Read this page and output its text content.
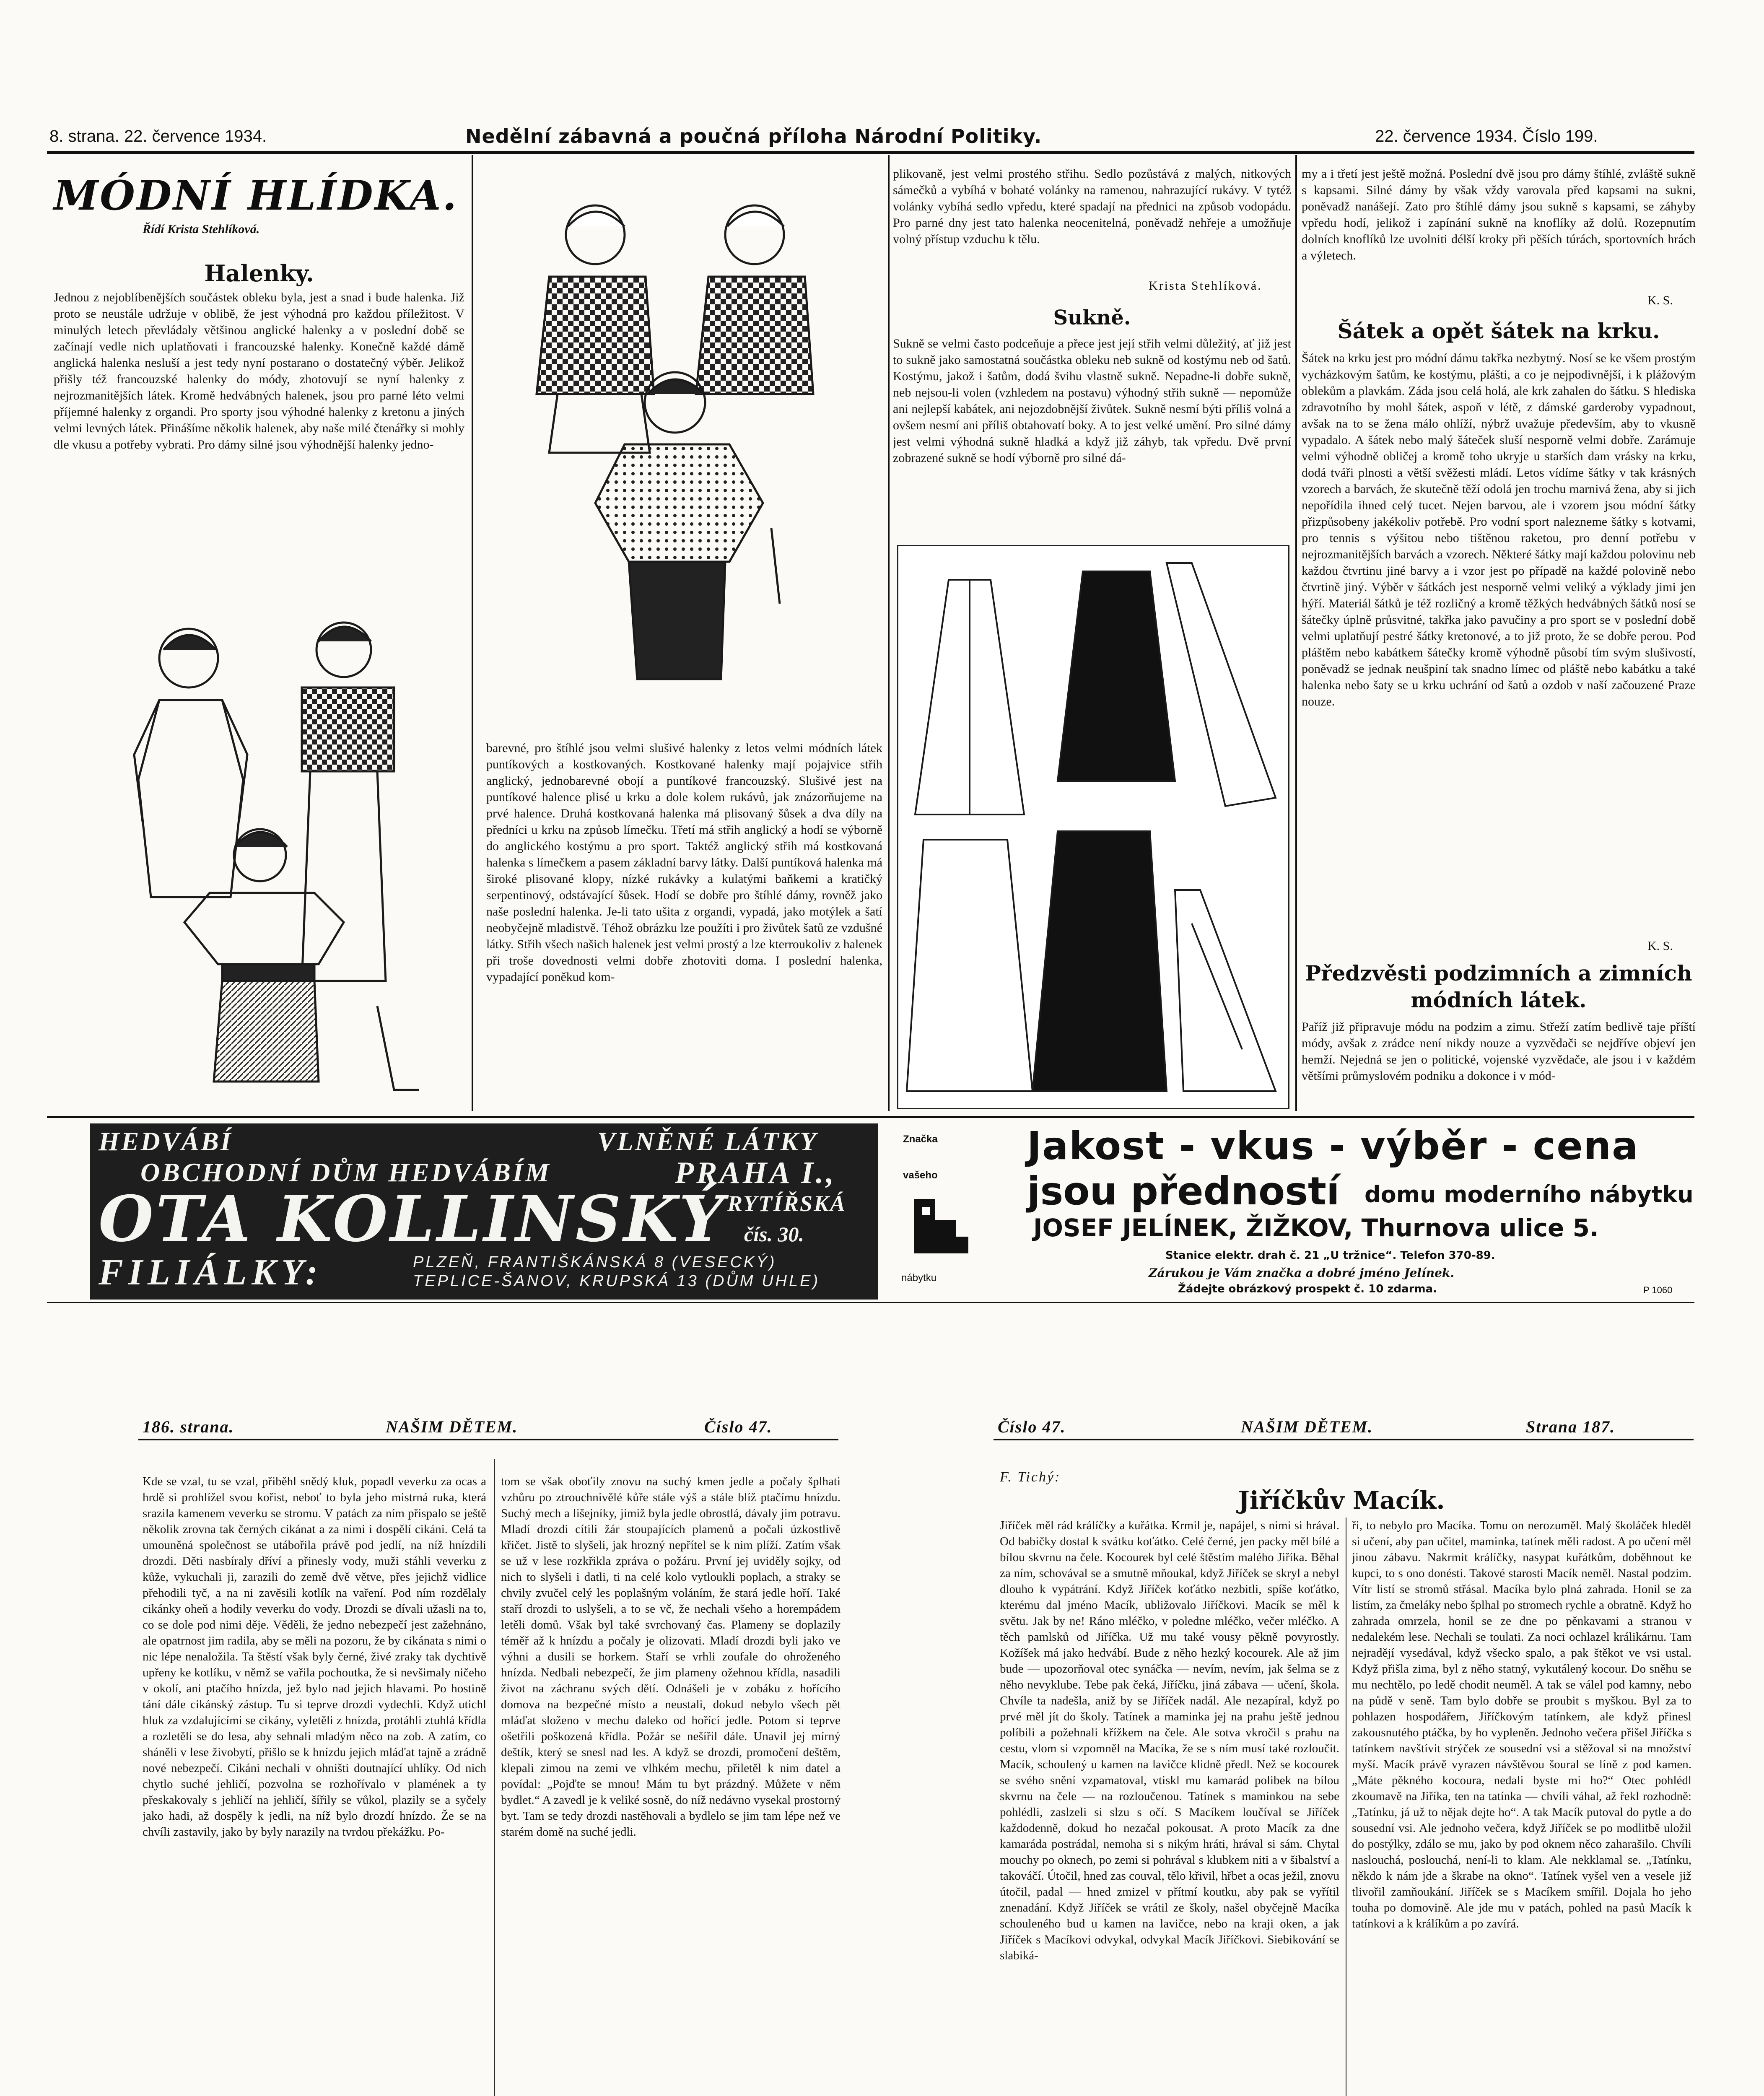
8. strana. 22. července 1934.	Nedělní zábavná a poučná příloha Národní Politiky.	22. července 1934. Číslo 199.
MÓDNÍ HLÍDKA.
Řídí Krista Stehlíková.
Halenky.
Jednou z nejoblíbenějších součástek obleku byla, jest a snad i bude halenka. Již proto se neustále udržuje v oblibě, že jest výhodná pro každou příležitost. V minulých letech převládaly většinou anglické halenky a v poslední době se začínají vedle nich uplatňovati i francouzské halenky. Konečně každé dámě anglická halenka nesluší a jest tedy nyní postarano o dostatečný výběr. Jelikož přišly též francouzské halenky do módy, zhotovují se nyní halenky z nejrozmanitějších látek. Kromě hedvábných halenek, jsou pro parné léto velmi příjemné halenky z organdi. Pro sporty jsou výhodné halenky z kretonu a jiných velmi levných látek. Přinášíme několik halenek, aby naše milé čtenářky si mohly dle vkusu a potřeby vybrati. Pro dámy silné jsou výhodnější halenky jedno-
barevné, pro štíhlé jsou velmi slušivé halenky z letos velmi módních látek puntíkových a kostkovaných. Kostkované halenky mají pojajvice střih anglický, jednobarevné obojí a puntíkové francouzský. Slušivé jest na puntíkové halence plisé u krku a dole kolem rukávů, jak znázorňujeme na prvé halence. Druhá kostkovaná halenka má plisovaný šůsek a dva díly na předníci u krku na způsob límečku. Třetí má střih anglický a hodí se výborně do anglického kostýmu a pro sport. Taktéž anglický střih má kostkovaná halenka s límečkem a pasem základní barvy látky. Další puntíková halenka má široké plisované klopy, nízké rukávky a kulatými baňkemi a kratičký serpentinový, odstávající šůsek. Hodí se dobře pro štíhlé dámy, rovněž jako naše poslední halenka. Je-li tato ušita z organdi, vypadá, jako motýlek a šatí neobyčejně mladistvě. Téhož obrázku lze použíti i pro živůtek šatů ze vzdušné látky. Střih všech našich halenek jest velmi prostý a lze kterroukoliv z halenek při troše dovednosti velmi dobře zhotoviti doma. I poslední halenka, vypadající poněkud kom-
plikovaně, jest velmi prostého střihu. Sedlo pozůstává z malých, nitkových sámečků a vybíhá v bohaté volánky na ramenou, nahrazující rukávy. V tytéž volánky vybíhá sedlo vpředu, které spadají na přednici na způsob vodopádu. Pro parné dny jest tato halenka neocenitelná, poněvadž nehřeje a umožňuje volný přístup vzduchu k tělu.
Krista Stehlíková.
Sukně.
Sukně se velmi často podceňuje a přece jest její střih velmi důležitý, ať již jest to sukně jako samostatná součástka obleku neb sukně od kostýmu neb od šatů. Kostýmu, jakož i šatům, dodá švihu vlastně sukně. Nepadne-li dobře sukně, neb nejsou-li volen (vzhledem na postavu) výhodný střih sukně — nepomůže ani nejlepší kabátek, ani nejozdobnější živůtek. Sukně nesmí býti příliš volná a ovšem nesmí ani příliš obtahovatí boky. A to jest velké umění. Pro silné dámy jest velmi výhodná sukně hladká a když již záhyb, tak vpředu. Dvě první zobrazené sukně se hodí výborně pro silné dá-
my a i třetí jest ještě možná. Poslední dvě jsou pro dámy štíhlé, zvláště sukně s kapsami. Silné dámy by však vždy varovala před kapsami na sukni, poněvadž nanášejí. Zato pro štíhlé dámy jsou sukně s kapsami, se záhyby vpředu hodí, jelikož i zapínání sukně na knoflíky až dolů. Rozepnutím dolních knoflíků lze uvolniti délší kroky při pěších túrách, sportovních hrách a výletech.
K. S.
Šátek a opět šátek na krku.
Šátek na krku jest pro módní dámu takřka nezbytný. Nosí se ke všem prostým vycházkovým šatům, ke kostýmu, plášti, a co je nejpodivnější, i k plážovým oblekům a plavkám. Záda jsou celá holá, ale krk zahalen do šátku. S hlediska zdravotního by mohl šátek, aspoň v létě, z dámské garderoby vypadnout, avšak na to se žena málo ohlíží, nýbrž uvažuje především, aby to vkusně vypadalo. A šátek nebo malý šáteček sluší nesporně velmi dobře. Zarámuje velmi výhodně obličej a kromě toho ukryje u starších dam vrásky na krku, dodá tváři plnosti a větší svěžesti mládí. Letos vídíme šátky v tak krásných vzorech a barvách, že skutečně těží odolá jen trochu marnivá žena, aby si jich nepořídila ihned celý tucet. Nejen barvou, ale i vzorem jsou módní šátky přizpůsobeny jakékoliv potřebě. Pro vodní sport naleznеme šátky s kotvami, pro tennis s výšitou nebo tištěnou raketou, pro denní potřebu v nejrozmanitějších barvách a vzorech. Některé šátky mají každou polovinu neb každou čtvrtinu jiné barvy a i vzor jest po případě na každé polovině nebo čtvrtině jiný. Výběr v šátkách jest nesporně velmi veliký a výklady jimi jen hýří. Materiál šátků je též rozličný a kromě těžkých hedvábných šátků nosí se šátečky úplně průsvitné, takřka jako pavučiny a pro sport se v poslední době velmi uplatňují pestré šátky kretonové, a to již proto, že se dobře perou. Pod pláštěm nebo kabátkem šátečky kromě výhodně působí tím svým slušivostí, poněvadž se jednak neušpiní tak snadno límec od pláště nebo kabátku a také halenka nebo šaty se u krku uchrání od šatů a ozdob v naší začouzené Praze nouze.
K. S.
Předzvěsti podzimních a zimních módních látek.
Paříž již připravuje módu na podzim a zimu. Střeží zatím bedlivě taje příští módy, avšak z zrádce není nikdy nouze a vyzvědači se nejdříve objeví jen hemží. Nejedná se jen o politické, vojenské vyzvědače, ale jsou i v každém většími průmyslovém podniku a dokonce i v mód-
HEDVÁBÍ	VLNĚNÉ LÁTKY
OBCHODNÍ DŮM HEDVÁBÍM	PRAHA I.,
OTA KOLLINSKÝ RYTÍŘSKÁ
čís. 30.
FILIÁLKY:	PLZEŇ, FRANTIŠKÁNSKÁ 8 (VESECKÝ)
TEPLICE-ŠANOV, KRUPSKÁ 13 (DŮM UHLE)
Značka
vašeho
nábytku
Jakost - vkus - výběr - cena
jsou předností domu moderního nábytku
JOSEF JELÍNEK, ŽIŽKOV, Thurnova ulice 5.
Stanice elektr. drah č. 21 „U tržnice“. Telefon 370-89.
Zárukou je Vám značka a dobré jméno Jelínek.
Žádejte obrázkový prospekt č. 10 zdarma.	P 1060
186. strana.	NAŠIM DĚTEM.	Číslo 47.
Kde se vzal, tu se vzal, přiběhl snědý kluk, popadl veverku za ocas a hrdě si prohlížel svou kořist, neboť to byla jeho mistrná ruka, která srazila kamenem veverku se stromu. V patách za ním přispalo se ještě několik zrovna tak černých cikánat a za nimi i dospělí cikáni. Celá ta umouněná společnost se utábořila právě pod jedlí, na níž hnízdili drozdi. Děti nasbíraly dříví a přinesly vody, muži stáhli veverku z kůže, vykuchali ji, zarazili do země dvě větve, přes jejichž vidlice přehodili tyč, a na ni zavěsili kotlík na vaření. Pod ním rozdělaly cikánky oheň a hodily veverku do vody. Drozdi se dívali užasli na to, co se dole pod nimi děje. Věděli, že jedno nebezpečí jest zažehnáno, ale opatrnost jim radila, aby se měli na pozoru, že by cikánata s nimi o nic lépe nenaložila. Ta štěstí však byly černé, živé zraky tak dychtivě upřeny ke kotlíku, v němž se vařila pochoutka, že si nevšimaly ničeho v okolí, ani ptačího hnízda, jež bylo nad jejich hlavami. Po hostině tání dále cikánský zástup. Tu si teprve drozdi vydechli. Když utichl hluk za vzdalujícími se cikány, vyletěli z hnízda, protáhli ztuhlá křídla a rozletěli se do lesa, aby sehnali mladým něco na zob. A zatím, co sháněli v lese živobytí, přišlo se k hnízdu jejich mláďat tajně a zrádně nové nebezpečí. Cikáni nechali v ohništi doutnající uhlíky. Od nich chytlo suché jehličí, pozvolna se rozhořívalo v plamének a ty přeskakovaly s jehličí na jehličí, šířily se vůkol, plazily se a syčely jako hadi, až dospěly k jedli, na níž bylo drozdí hnízdo. Že se na chvíli zastavily, jako by byly narazily na tvrdou překážku. Po-
tom se však oboťily znovu na suchý kmen jedle a počaly šplhati vzhůru po ztrouchnivělé kůře stále výš a stále blíž ptačímu hnízdu. Suchý mech a lišejníky, jimiž byla jedle obrostlá, dávaly jim potravu. Mladí drozdi cítili žár stoupajících plamenů a počali úzkostlivě křičet. Jistě to slyšeli, jak hrozný nepřítel se k nim plíží. Zatím však se už v lese rozkřikla zpráva o požáru. První jej uviděly sojky, od nich to slyšeli i datli, ti na celé kolo vytloukli poplach, a straky se chvily zvučel celý les poplašným voláním, že stará jedle hoří. Také staří drozdi to uslyšeli, a to se vč, že nechali všeho a horempádem letěli domů. Však byl také svrchovaný čas. Plameny se doplazily téměř až k hnízdu a počaly je olizovati. Mladí drozdi byli jako ve výhni a dusili se horkem. Staří se vrhli zoufale do ohroženého hnízda. Nedbali nebezpečí, že jim plameny ožehnou křídla, nasadili život na záchranu svých dětí. Odnášeli je v zobáku z hořícího domova na bezpečné místo a neustali, dokud nebylo všech pět mláďat složeno v mechu daleko od hořící jedle. Potom si teprve ošetřili poškozená křídla. Požár se nešířil dále. Unavil jej mírný deštík, který se snesl nad les. A když se drozdi, promočení deštěm, klepali zimou na zemi ve vlhkém mechu, přiletěl k nim datel a povídal: „Pojďte se mnou! Mám tu byt prázdný. Můžete v něm bydlet.“ A zavedl je k veliké sosně, do níž nedávno vysekal prostorný byt. Tam se tedy drozdi nastěhovali a bydlelo se jim tam lépe než ve starém domě na suché jedli.
Číslo 47.	NAŠIM DĚTEM.	Strana 187.
F. Tichý:
Jiříčkův Macík.
Jiříček měl rád králíčky a kuřátka. Krmil je, napájel, s nimi si hrával. Od babičky dostal k svátku koťátko. Celé černé, jen packy měl bílé a bílou skvrnu na čele. Kocourek byl celé štěstím malého Jiříka. Běhal za ním, schovával se a smutně mňoukal, když Jiříček se skryl a nebyl dlouho k vypátrání. Když Jiříček koťátko nezbitli, spíše koťátko, kterému dal jméno Macík, ubližovalo Jiříčkovi. Macík se měl k světu. Jak by ne! Ráno mléčko, v poledne mléčko, večer mléčko. A těch pamlsků od Jiříčka. Už mu také vousy pěkně povyrostly. Kožíšek má jako hedvábí. Bude z něho hezký kocourek. Ale až jim bude — upozorňoval otec synáčka — nevím, nevím, jak šelma se z něho nevyklube. Tebe pak čeká, Jiříčku, jiná zábava — učení, škola. Chvíle ta nadešla, aniž by se Jiříček nadál. Ale nezapíral, když po prvé měl jít do školy. Tatínek a maminka jej na prahu ještě jednou políbili a požehnali křížkem na čele. Ale sotva vkročil s prahu na cestu, vlom si vzpomněl na Macíka, že se s ním musí také rozloučit. Macík, schoulený u kamen na lavičce klidně předl. Než se kocourek se svého snění vzpamatoval, vtiskl mu kamarád polibek na bílou skvrnu na čele — na rozloučenou. Tatínek s maminkou na sebe pohlédli, zaslzeli si slzu s očí. S Macíkem loučíval se Jiříček každodenně, dokud ho nezačal pokousat. A proto Macík za dne kamaráda postrádal, nemoha si s nikým hráti, hrával si sám. Chytal mouchy po oknech, po zemi si pohrával s klubkem niti a v šibalství a takováčí. Útočil, hned zas couval, tělo křivil, hřbet a ocas ježil, znovu útočil, padal — hned zmizel v přítmí koutku, aby pak se vyřítil znenadání. Když Jiříček se vrátil ze školy, našel obyčejně Macíka schouleného bud u kamen na lavičce, nebo na kraji oken, a jak Jiříček s Macíkovi odvykal, odvykal Macík Jiříčkovi. Siebikování se slabiká-
ři, to nebylo pro Macíka. Tomu on nerozuměl. Malý školáček hleděl si učení, aby pan učitel, maminka, tatínek měli radost. A po učení měl jinou zábavu. Nakrmit králíčky, nasypat kuřátkům, doběhnout ke kupci, to s ono donésti. Takové starosti Macík neměl. Nastal podzim. Vítr listí se stromů střásal. Macíka bylo plná zahrada. Honil se za listím, za čmeláky nebo šplhal po stromech rychle a obratně. Když ho zahrada omrzela, honil se ze dne po pěnkavami a stranou v nedalekém lese. Nechali se toulati. Za noci ochlazel králikárnu. Tam nejradějí vysedával, když všecko spalo, a pak štěkot ve vsi ustal. Když přišla zima, byl z něho statný, vykutálený kocour. Do sněhu se mu nechtělo, po ledě chodit neuměl. A tak se válel pod kamny, nebo na půdě v seně. Tam bylo dobře se proubit s myškou. Byl za to pohlazen hospodářem, Jiříčkovým tatínkem, ale když přinesl zakousnutého ptáčka, by ho vypleněn. Jednoho večera přišel Jiříčka s tatínkem navštívit strýček ze sousední vsi a stěžoval si na množství myší. Macík právě vyrazen návštěvou šoural se líně z pod kamen. „Máte pěkného kocoura, nedali byste mi ho?“ Otec pohlédl zkoumavě na Jiříka, ten na tatínka — chvíli váhal, až řekl rozhodně: „Tatínku, já už to nějak dejte ho“. A tak Macík putoval do pytle a do sousední vsi. Ale jednoho večera, když Jiříček se po modlitbě uložil do postýlky, zdálo se mu, jako by pod oknem něco zaharašilo. Chvíli naslouchá, poslouchá, není-li to klam. Ale nekklamal se. „Tatínku, někdo k nám jde a škrabe na okno“. Tatínek vyšel ven a vesele již tlivořil zamňoukání. Jiříček se s Macíkem smířil. Dojala ho jeho touha po domovině. Ale jde mu v patách, pohled na pasů Macík k tatínkovi a k králíkům a po zavírá.
